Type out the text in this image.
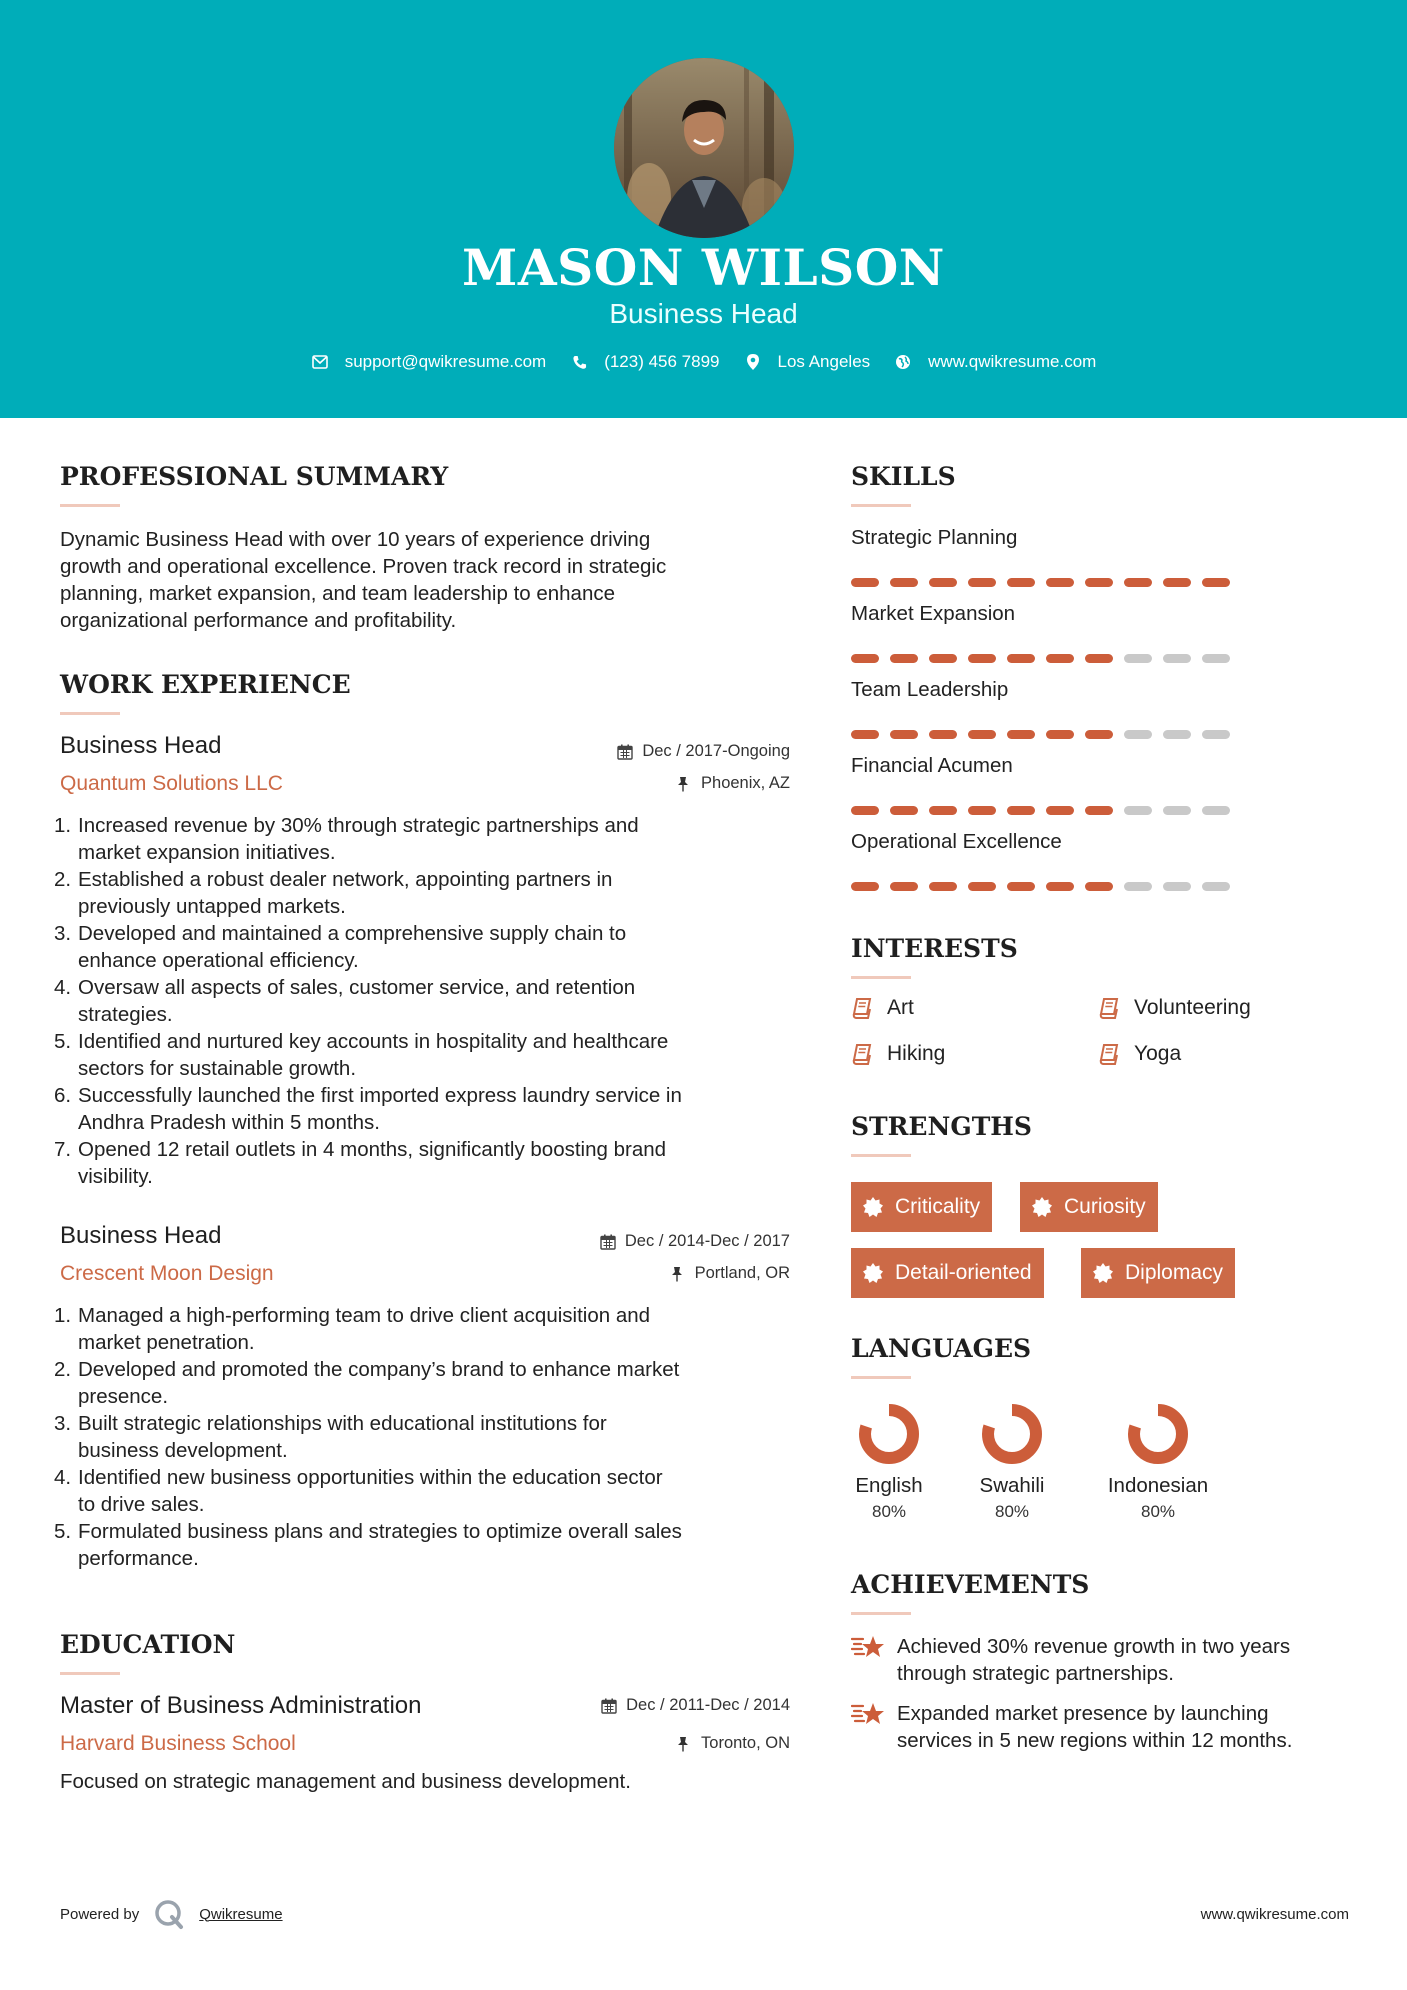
MASON WILSON
Business Head
support@qwikresume.com	(123) 456 7899	Los Angeles	www.qwikresume.com
PROFESSIONAL SUMMARY
Dynamic Business Head with over 10 years of experience driving
growth and operational excellence. Proven track record in strategic
planning, market expansion, and team leadership to enhance
organizational performance and profitability.
WORK EXPERIENCE
Business Head
Quantum Solutions LLC
Dec / 2017-Ongoing
Phoenix, AZ
1. Increased revenue by 30% through strategic partnerships and
market expansion initiatives.
2. Established a robust dealer network, appointing partners in
previously untapped markets.
3. Developed and maintained a comprehensive supply chain to
enhance operational efficiency.
4. Oversaw all aspects of sales, customer service, and retention
strategies.
5. Identified and nurtured key accounts in hospitality and healthcare
sectors for sustainable growth.
6. Successfully launched the first imported express laundry service in
Andhra Pradesh within 5 months.
7. Opened 12 retail outlets in 4 months, significantly boosting brand
visibility.
Business Head
Crescent Moon Design
Dec / 2014-Dec / 2017
Portland, OR
1. Managed a high-performing team to drive client acquisition and
market penetration.
2. Developed and promoted the company’s brand to enhance market
presence.
3. Built strategic relationships with educational institutions for
business development.
4. Identified new business opportunities within the education sector
to drive sales.
5. Formulated business plans and strategies to optimize overall sales
performance.
EDUCATION
Master of Business Administration
Harvard Business School
Dec / 2011-Dec / 2014
Toronto, ON
Focused on strategic management and business development.
SKILLS
Strategic Planning
Market Expansion
Team Leadership
Financial Acumen
Operational Excellence
INTERESTS
Art	Volunteering
Hiking	Yoga
STRENGTHS
Criticality	Curiosity
Detail-oriented	Diplomacy
LANGUAGES
English
80%
Swahili
80%
Indonesian
80%
ACHIEVEMENTS
Achieved 30% revenue growth in two years
through strategic partnerships.
Expanded market presence by launching
services in 5 new regions within 12 months.
Powered by	Qwikresume	www.qwikresume.com
